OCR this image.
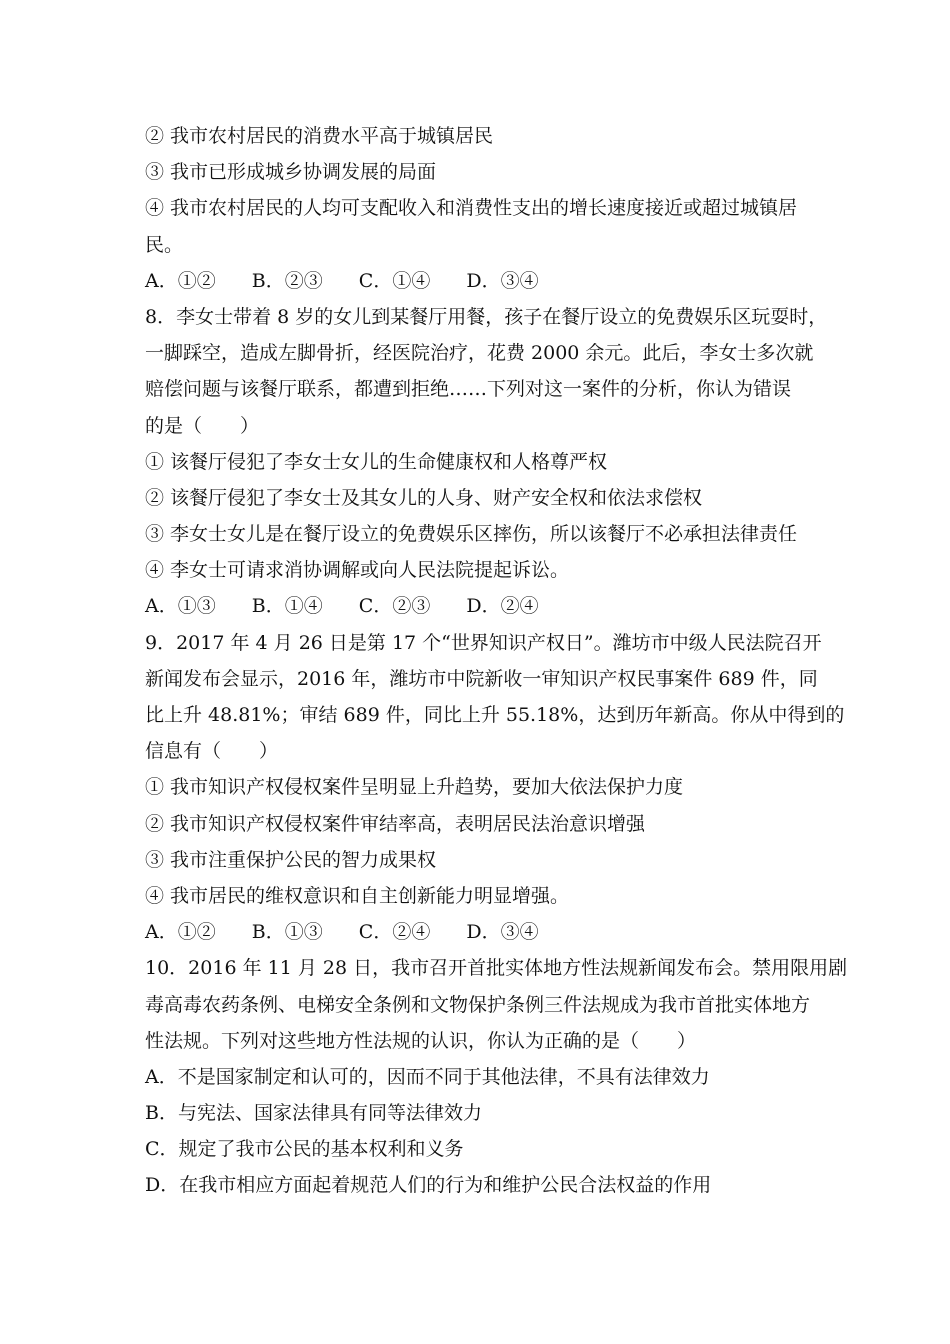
② 我市农村居民的消费水平高于城镇居民
③ 我市已形成城乡协调发展的局面
④ 我市农村居民的人均可支配收入和消费性支出的增长速度接近或超过城镇居
民。
A．①② B．②③ C．①④ D．③④
8．李女士带着 8 岁的女儿到某餐厅用餐，孩子在餐厅设立的免费娱乐区玩耍时，
一脚踩空，造成左脚骨折，经医院治疗，花费 2000 余元。此后，李女士多次就
赔偿问题与该餐厅联系，都遭到拒绝……下列对这一案件的分析，你认为错误
的是（　　）
① 该餐厅侵犯了李女士女儿的生命健康权和人格尊严权
② 该餐厅侵犯了李女士及其女儿的人身、财产安全权和依法求偿权
③ 李女士女儿是在餐厅设立的免费娱乐区摔伤，所以该餐厅不必承担法律责任
④ 李女士可请求消协调解或向人民法院提起诉讼。
A．①③ B．①④ C．②③ D．②④
9．2017 年 4 月 26 日是第 17 个“世界知识产权日”。潍坊市中级人民法院召开
新闻发布会显示，2016 年，潍坊市中院新收一审知识产权民事案件 689 件，同
比上升 48.81%；审结 689 件，同比上升 55.18%，达到历年新高。你从中得到的
信息有（　　）
① 我市知识产权侵权案件呈明显上升趋势，要加大依法保护力度
② 我市知识产权侵权案件审结率高，表明居民法治意识增强
③ 我市注重保护公民的智力成果权
④ 我市居民的维权意识和自主创新能力明显增强。
A．①② B．①③ C．②④ D．③④
10．2016 年 11 月 28 日，我市召开首批实体地方性法规新闻发布会。禁用限用剧
毒高毒农药条例、电梯安全条例和文物保护条例三件法规成为我市首批实体地方
性法规。下列对这些地方性法规的认识，你认为正确的是（　　）
A．不是国家制定和认可的，因而不同于其他法律，不具有法律效力
B．与宪法、国家法律具有同等法律效力
C．规定了我市公民的基本权利和义务
D．在我市相应方面起着规范人们的行为和维护公民合法权益的作用
